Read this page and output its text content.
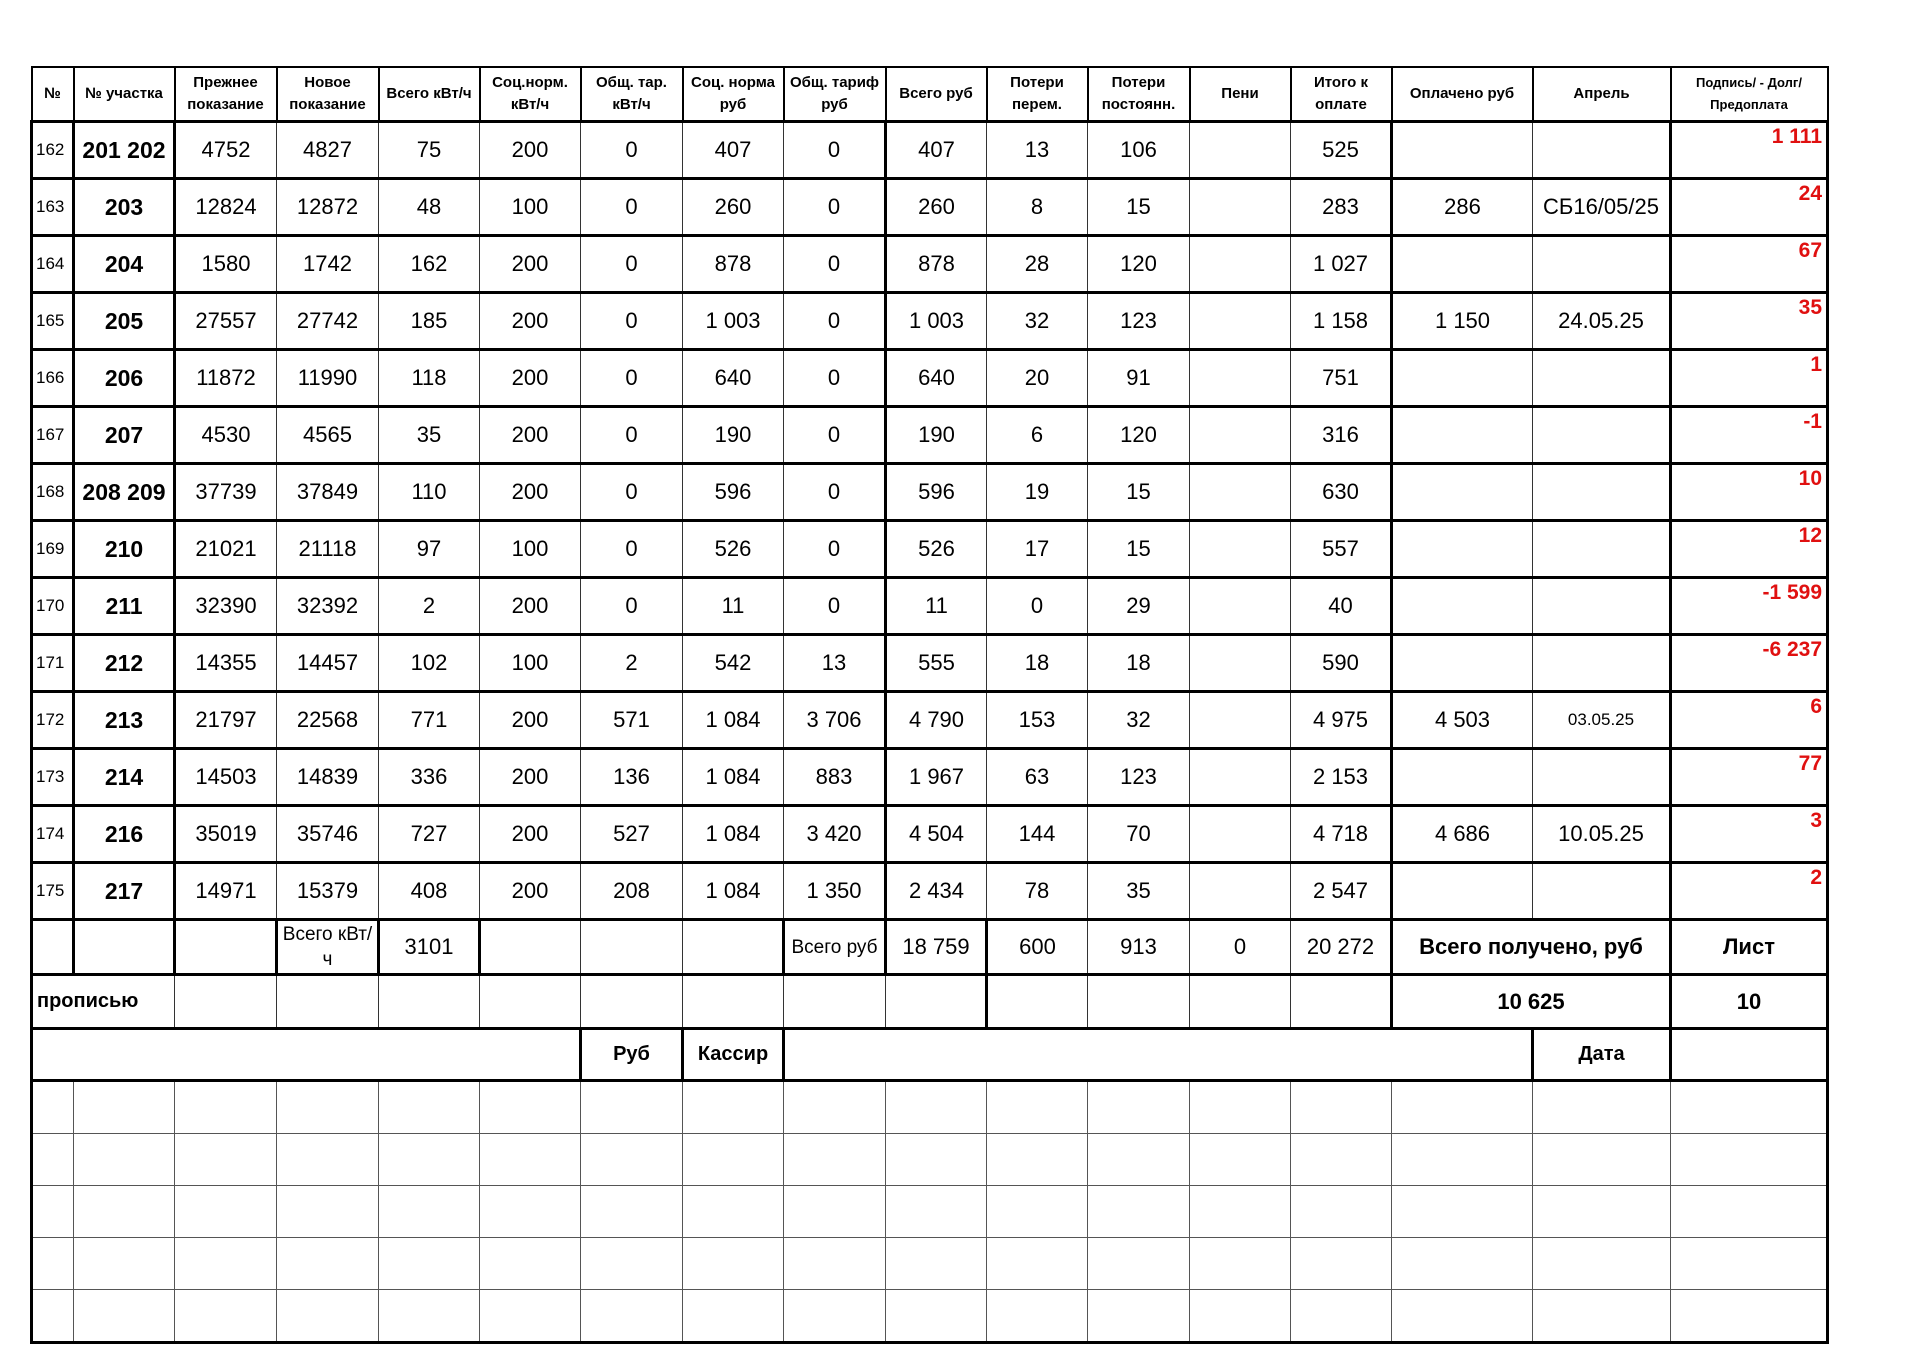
№	№ участка	Прежнее показание	Новое показание	Всего кВт/ч	Соц.норм. кВт/ч	Общ. тар. кВт/ч	Соц. норма руб	Общ. тариф руб	Всего руб	Потери перем.	Потери постоянн.	Пени	Итого к оплате	Оплачено руб	Апрель	Подпись/ - Долг/Предоплата
162	201 202	4752	4827	75	200	0	407	0	407	13	106		525			1 111
163	203	12824	12872	48	100	0	260	0	260	8	15		283	286	СБ16/05/25	24
164	204	1580	1742	162	200	0	878	0	878	28	120		1 027			67
165	205	27557	27742	185	200	0	1 003	0	1 003	32	123		1 158	1 150	24.05.25	35
166	206	11872	11990	118	200	0	640	0	640	20	91		751			1
167	207	4530	4565	35	200	0	190	0	190	6	120		316			-1
168	208 209	37739	37849	110	200	0	596	0	596	19	15		630			10
169	210	21021	21118	97	100	0	526	0	526	17	15		557			12
170	211	32390	32392	2	200	0	11	0	11	0	29		40			-1 599
171	212	14355	14457	102	100	2	542	13	555	18	18		590			-6 237
172	213	21797	22568	771	200	571	1 084	3 706	4 790	153	32		4 975	4 503	03.05.25	6
173	214	14503	14839	336	200	136	1 084	883	1 967	63	123		2 153			77
174	216	35019	35746	727	200	527	1 084	3 420	4 504	144	70		4 718	4 686	10.05.25	3
175	217	14971	15379	408	200	208	1 084	1 350	2 434	78	35		2 547			2
			Всего кВт/ч	3101				Всего руб	18 759	600	913	0	20 272	Всего получено, руб		Лист
прописью														10 625		10
						Руб	Кассир								Дата	
